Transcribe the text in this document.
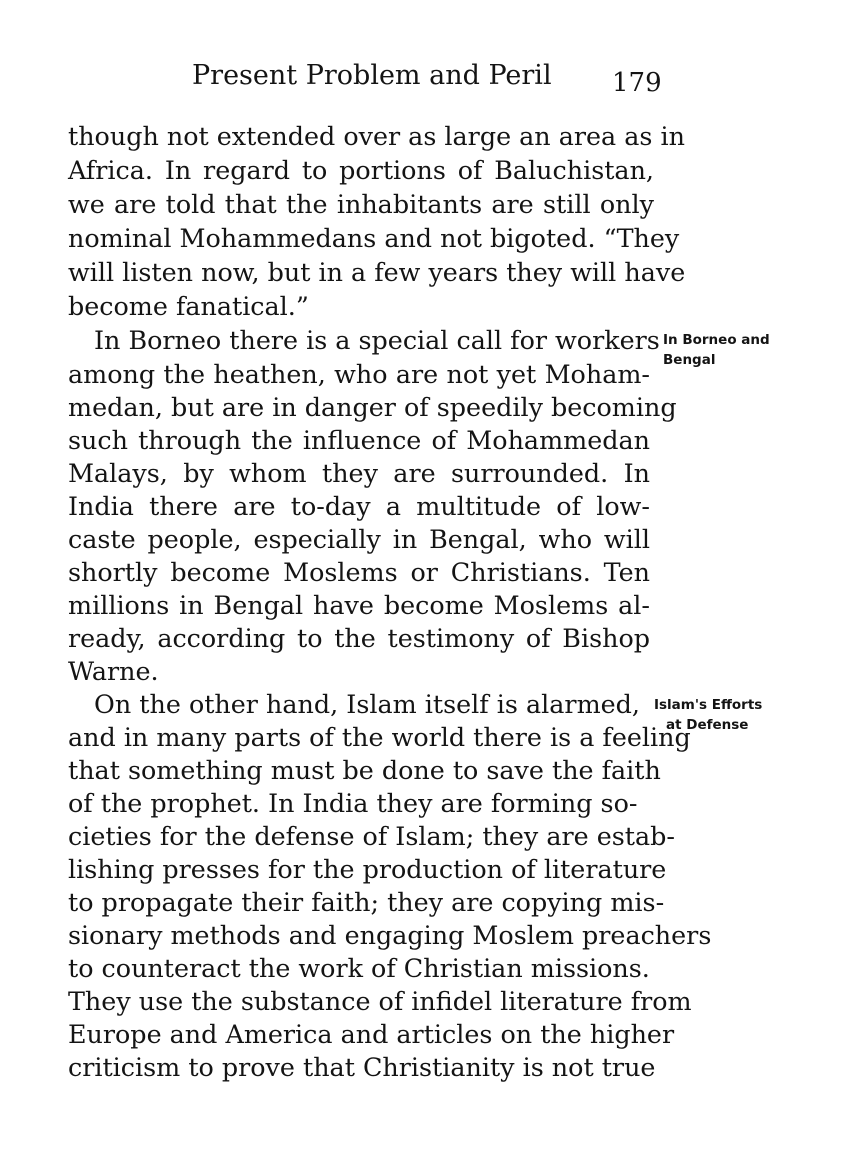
Present Problem and Peril 179
though not extended over as large an area as in
Africa. In regard to portions of Baluchistan,
we are told that the inhabitants are still only
nominal Mohammedans and not bigoted. “They
will listen now, but in a few years they will have
become fanatical.”
In Borneo there is a special call for workers
among the heathen, who are not yet Moham-
medan, but are in danger of speedily becoming
such through the influence of Mohammedan
Malays, by whom they are surrounded. In
India there are to-day a multitude of low-
caste people, especially in Bengal, who will
shortly become Moslems or Christians. Ten
millions in Bengal have become Moslems al-
ready, according to the testimony of Bishop
Warne.
On the other hand, Islam itself is alarmed,
and in many parts of the world there is a feeling
that something must be done to save the faith
of the prophet. In India they are forming so-
cieties for the defense of Islam; they are estab-
lishing presses for the production of literature
to propagate their faith; they are copying mis-
sionary methods and engaging Moslem preachers
to counteract the work of Christian missions.
They use the substance of infidel literature from
Europe and America and articles on the higher
criticism to prove that Christianity is not true
In Borneo and
Bengal
Islam's Efforts
at Defense
